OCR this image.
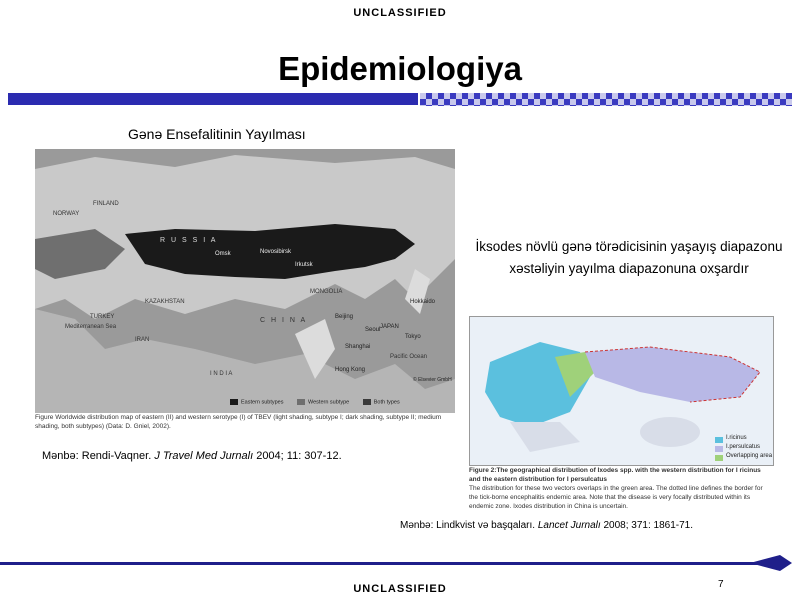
UNCLASSIFIED
Epidemiologiya
Gənə Ensefalitinin Yayılması
R U S S I A
MONGOLIA
C H I N A
JAPAN
I N D I A
Pacific Ocean
Mediterranean Sea
KAZAKHSTAN
TURKEY
IRAN
NORWAY
FINLAND
Novosibirsk
Irkutsk
Omsk
Hokkaido
Tokyo
Beijing
Seoul
Shanghai
Hong Kong
© Elsevier GmbH
Eastern subtypes	Western subtype	Both types
Figure Worldwide distribution map of eastern (II) and western serotype (I) of TBEV (light shading, subtype I; dark shading, subtype II; medium shading, both subtypes) (Data: D. Gniel, 2002).
Mənbə: Rendi-Vaqner. J Travel Med Jurnalı 2004; 11: 307-12.
İksodes növlü gənə törədicisinin yaşayış diapazonu xəstəliyin yayılma diapazonuna oxşardır
I.ricinus
I.persulcatus
Overlapping area
Figure 2:The geographical distribution of Ixodes spp. with the western distribution for I ricinus and the eastern distribution for I persulcatus
The distribution for these two vectors overlaps in the green area. The dotted line defines the border for the tick-borne encephalitis endemic area. Note that the disease is very focally distributed within its endemic zone. Ixodes distribution in China is uncertain.
Mənbə: Lindkvist və başqaları. Lancet Jurnalı 2008; 371: 1861-71.
7
UNCLASSIFIED
